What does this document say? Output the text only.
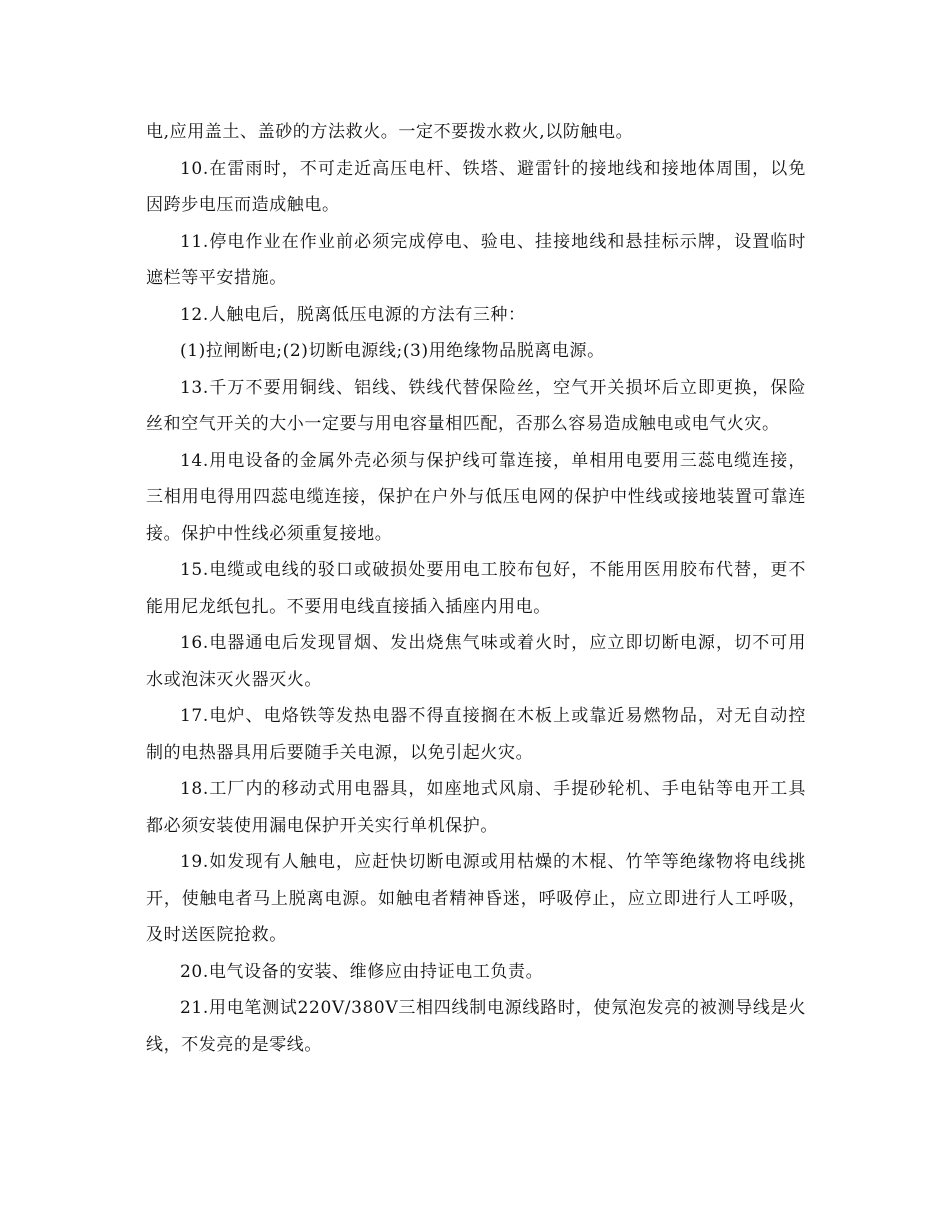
电,应用盖土、盖砂的方法救火。一定不要拨水救火,以防触电。

10.在雷雨时，不可走近高压电杆、铁塔、避雷针的接地线和接地体周围，以免因跨步电压而造成触电。

11.停电作业在作业前必须完成停电、验电、挂接地线和悬挂标示牌，设置临时遮栏等平安措施。

12.人触电后，脱离低压电源的方法有三种：

(1)拉闸断电;(2)切断电源线;(3)用绝缘物品脱离电源。

13.千万不要用铜线、铝线、铁线代替保险丝，空气开关损坏后立即更换，保险丝和空气开关的大小一定要与用电容量相匹配，否那么容易造成触电或电气火灾。

14.用电设备的金属外壳必须与保护线可靠连接，单相用电要用三蕊电缆连接，三相用电得用四蕊电缆连接，保护在户外与低压电网的保护中性线或接地装置可靠连接。保护中性线必须重复接地。

15.电缆或电线的驳口或破损处要用电工胶布包好，不能用医用胶布代替，更不能用尼龙纸包扎。不要用电线直接插入插座内用电。

16.电器通电后发现冒烟、发出烧焦气味或着火时，应立即切断电源，切不可用水或泡沫灭火器灭火。

17.电炉、电烙铁等发热电器不得直接搁在木板上或靠近易燃物品，对无自动控制的电热器具用后要随手关电源，以免引起火灾。

18.工厂内的移动式用电器具，如座地式风扇、手提砂轮机、手电钻等电开工具都必须安装使用漏电保护开关实行单机保护。

19.如发现有人触电，应赶快切断电源或用枯燥的木棍、竹竿等绝缘物将电线挑开，使触电者马上脱离电源。如触电者精神昏迷，呼吸停止，应立即进行人工呼吸，及时送医院抢救。

20.电气设备的安装、维修应由持证电工负责。

21.用电笔测试220V/380V三相四线制电源线路时，使氖泡发亮的被测导线是火线，不发亮的是零线。
